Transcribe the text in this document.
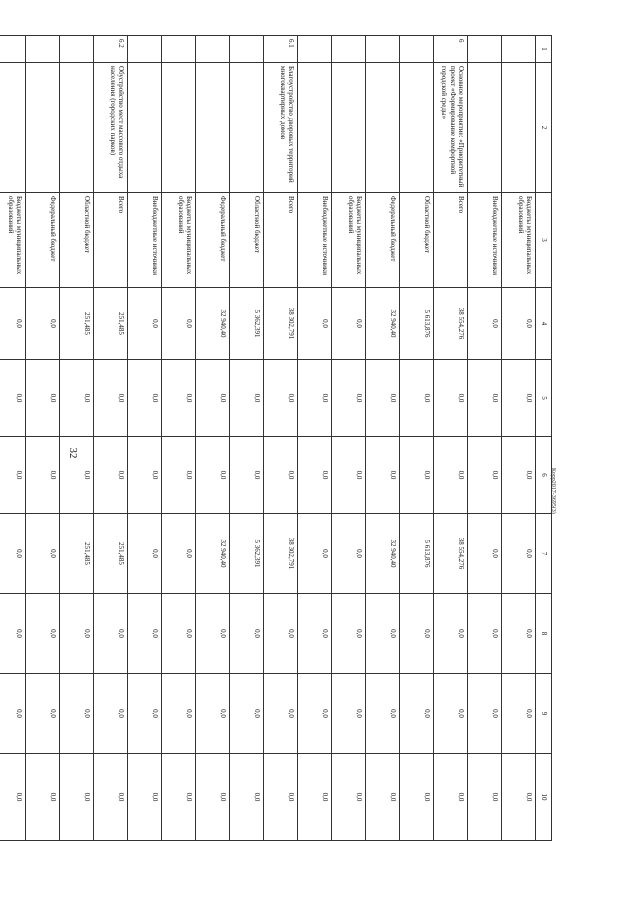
32
1	2	3	4	5	6	7	8	9	10
		Бюджеты муниципальных образований	0,0	0,0	0,0	0,0	0,0	0,0	0,0
		Внебюджетные источники	0,0	0,0	0,0	0,0	0,0	0,0	0,0
6	Основное мероприятие: «Приоритетный проект «Формирование комфортной городской среды»	Всего	38 554,276	0,0	0,0	38 554,276	0,0	0,0	0,0
		Областной бюджет	5 613,876	0,0	0,0	5 613,876	0,0	0,0	0,0
		Федеральный бюджет	32 940,40	0,0	0,0	32 940,40	0,0	0,0	0,0
		Бюджеты муниципальных образований	0,0	0,0	0,0	0,0	0,0	0,0	0,0
		Внебюджетные источники	0,0	0,0	0,0	0,0	0,0	0,0	0,0
6.1	Благоустройство дворовых территорий многоквартирных домов	Всего	38 302,791	0,0	0,0	38 302,791	0,0	0,0	0,0
		Областной бюджет	5 362,391	0,0	0,0	5 362,391	0,0	0,0	0,0
		Федеральный бюджет	32 940,40	0,0	0,0	32 940,40	0,0	0,0	0,0
		Бюджеты муниципальных образований	0,0	0,0	0,0	0,0	0,0	0,0	0,0
		Внебюджетные источники	0,0	0,0	0,0	0,0	0,0	0,0	0,0
6.2	Обустройство мест массового отдыха населения (городских парков)	Всего	251,485	0,0	0,0	251,485	0,0	0,0	0,0
		Областной бюджет	251,485	0,0	0,0	251,485	0,0	0,0	0,0
		Федеральный бюджет	0,0	0,0	0,0	0,0	0,0	0,0	0,0
		Бюджеты муниципальных образований	0,0	0,0	0,0	0,0	0,0	0,0	0,0

Корр2017-3695(3)
